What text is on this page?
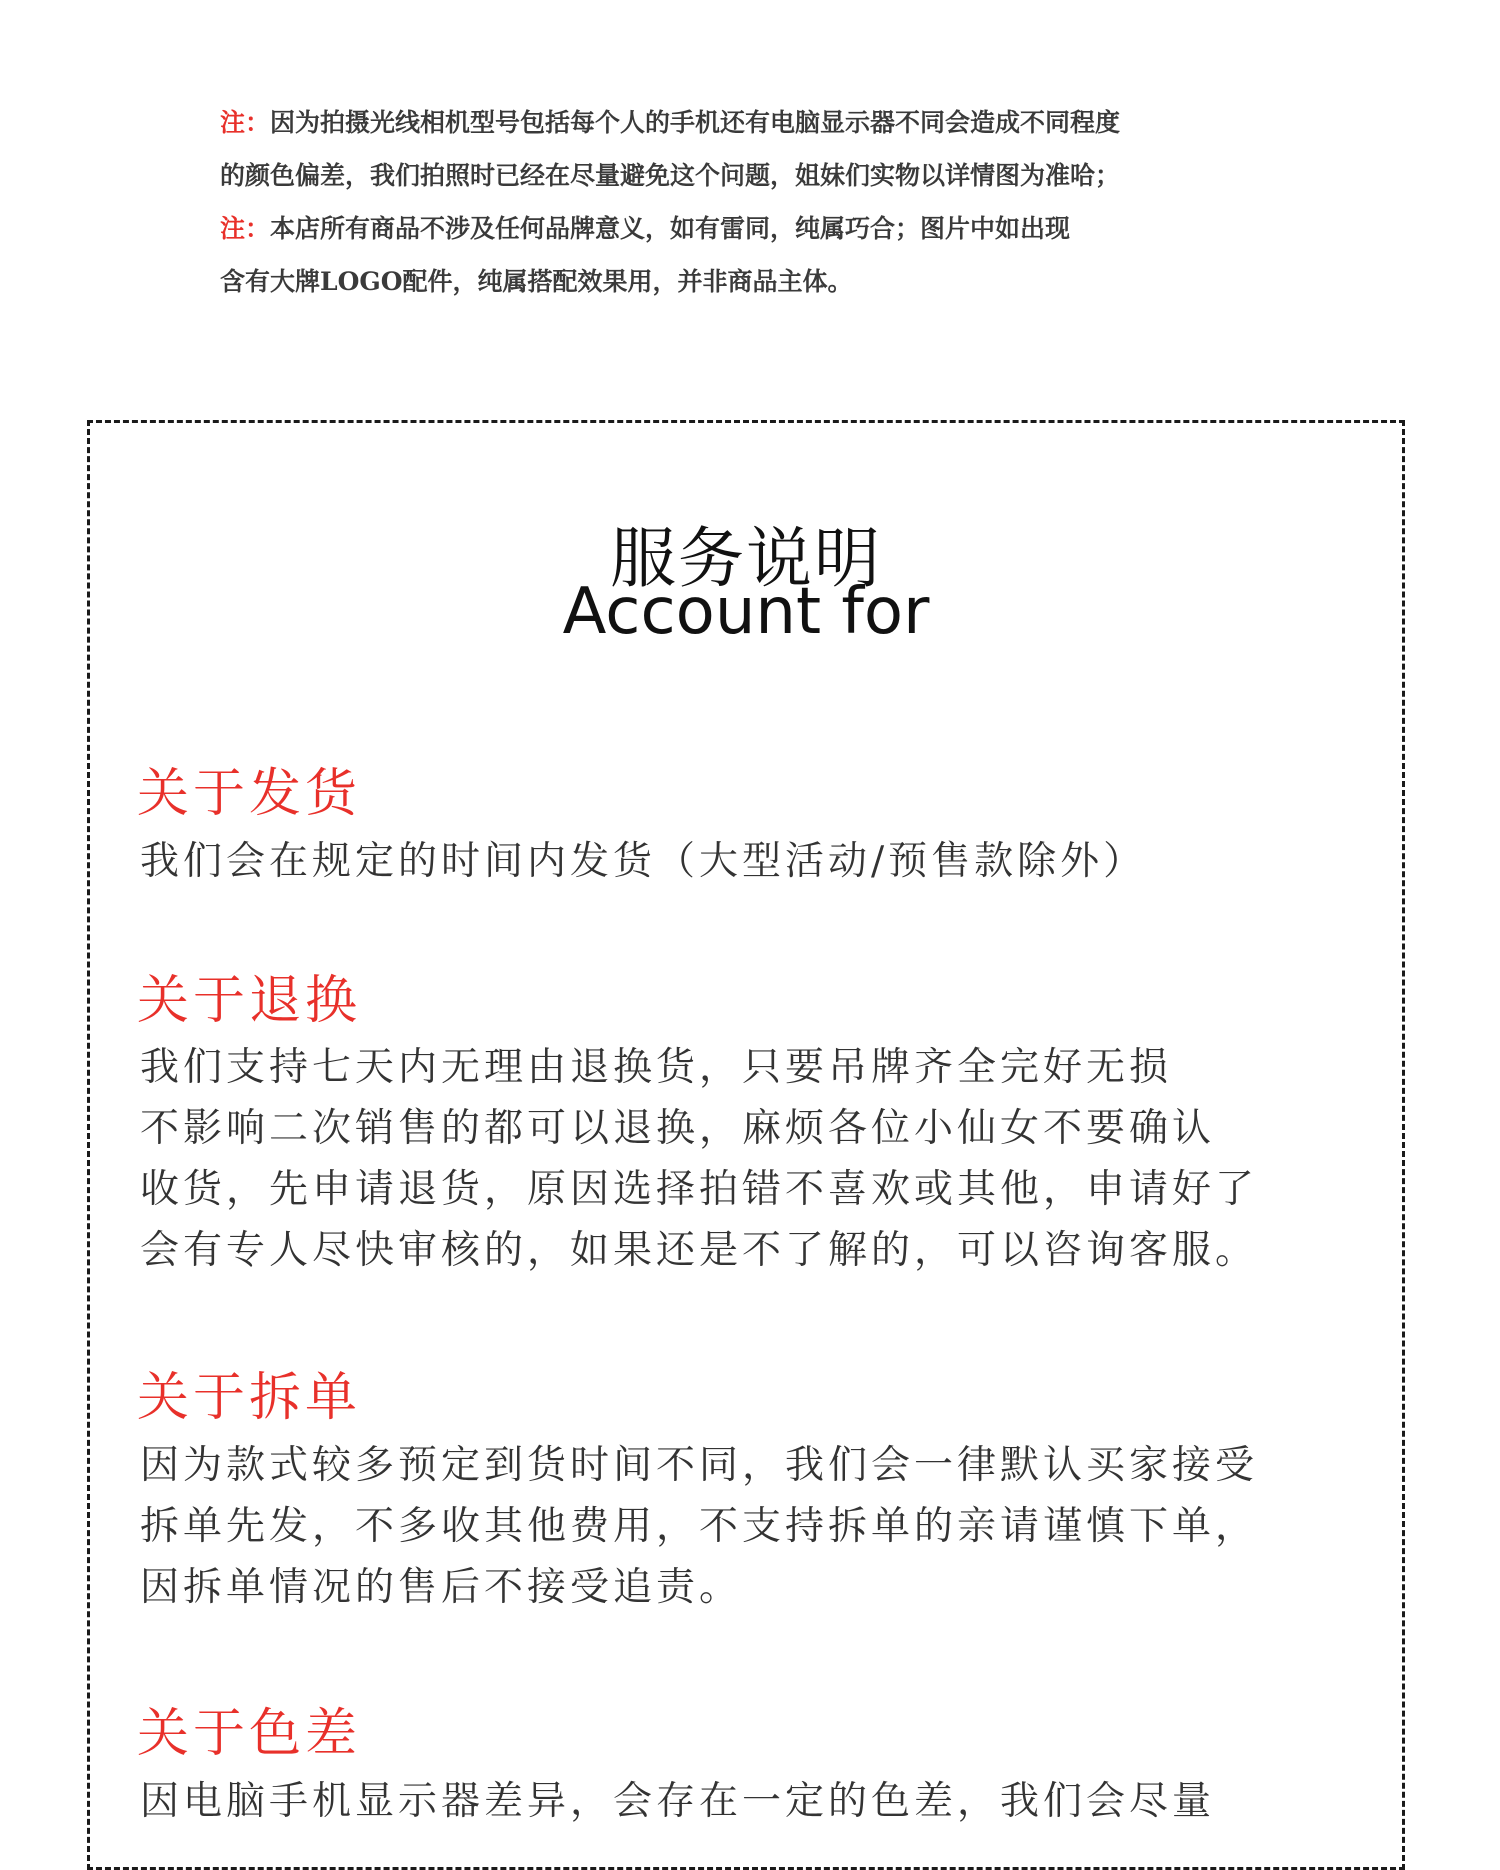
注：因为拍摄光线相机型号包括每个人的手机还有电脑显示器不同会造成不同程度
的颜色偏差，我们拍照时已经在尽量避免这个问题，姐妹们实物以详情图为准哈；
注：本店所有商品不涉及任何品牌意义，如有雷同，纯属巧合；图片中如出现
含有大牌LOGO配件，纯属搭配效果用，并非商品主体。
服务说明
Account for
关于发货
我们会在规定的时间内发货（大型活动/预售款除外）
关于退换
我们支持七天内无理由退换货，只要吊牌齐全完好无损
不影响二次销售的都可以退换，麻烦各位小仙女不要确认
收货，先申请退货，原因选择拍错不喜欢或其他，申请好了
会有专人尽快审核的，如果还是不了解的，可以咨询客服。
关于拆单
因为款式较多预定到货时间不同，我们会一律默认买家接受
拆单先发，不多收其他费用，不支持拆单的亲请谨慎下单，
因拆单情况的售后不接受追责。
关于色差
因电脑手机显示器差异，会存在一定的色差，我们会尽量
